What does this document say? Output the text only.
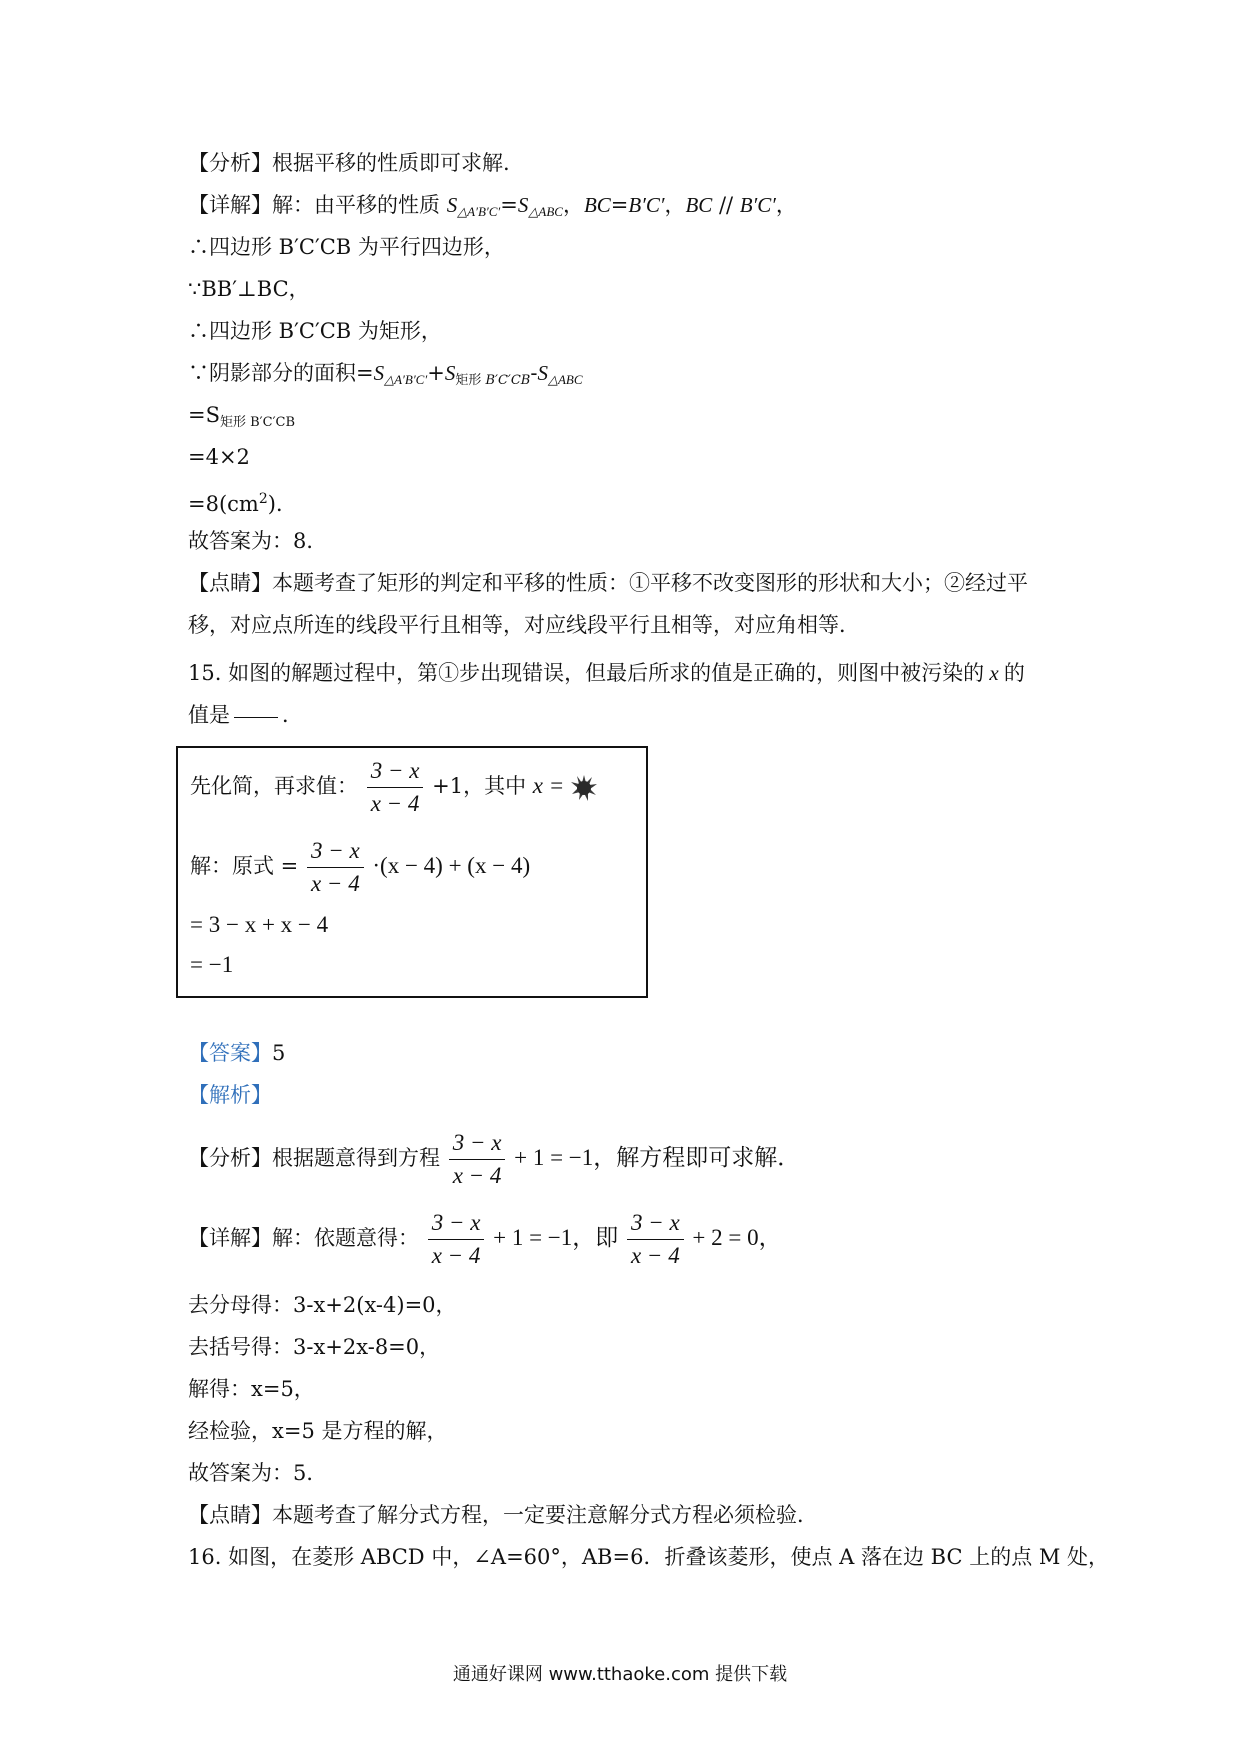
【分析】根据平移的性质即可求解.
【详解】解：由平移的性质 $S_{\triangle A'B'C'}=S_{\triangle ABC}$，BC=B′C′，BC // B′C′，
∴四边形 B′C′CB 为平行四边形，
∵BB′⊥BC，
∴四边形 B′C′CB 为矩形，
∵阴影部分的面积$=S_{\triangle A'B'C'}+S_{矩形 B'C'CB}-S_{\triangle ABC}$
$=S_{矩形 B'C'CB}$
=4×2
$=8(cm^2)$．
故答案为：8．
【点睛】本题考查了矩形的判定和平移的性质：①平移不改变图形的形状和大小；②经过平
移，对应点所连的线段平行且相等，对应线段平行且相等，对应角相等．
15. 如图的解题过程中，第①步出现错误，但最后所求的值是正确的，则图中被污染的 x 的
值是 ．
先化简，再求值： $\frac{3 - x}{x - 4} +1$，其中 x =
解：原式 = $\frac{3 - x}{x - 4} \cdot(x - 4) + (x - 4)$
= 3 − x + x − 4
= −1
【答案】5
【解析】
【分析】根据题意得到方程 $\frac{3 - x}{x - 4} + 1 = -1$，解方程即可求解．
【详解】解：依题意得： $\frac{3 - x}{x - 4} + 1 = -1$，即 $\frac{3 - x}{x - 4} + 2 = 0$，
去分母得：3-x+2(x-4)=0，
去括号得：3-x+2x-8=0，
解得：x=5，
经检验，x=5 是方程的解，
故答案为：5．
【点睛】本题考查了解分式方程，一定要注意解分式方程必须检验．
16. 如图，在菱形 ABCD 中，∠A=60°，AB=6．折叠该菱形，使点 A 落在边 BC 上的点 M 处，
通通好课网 www.tthaoke.com 提供下载
